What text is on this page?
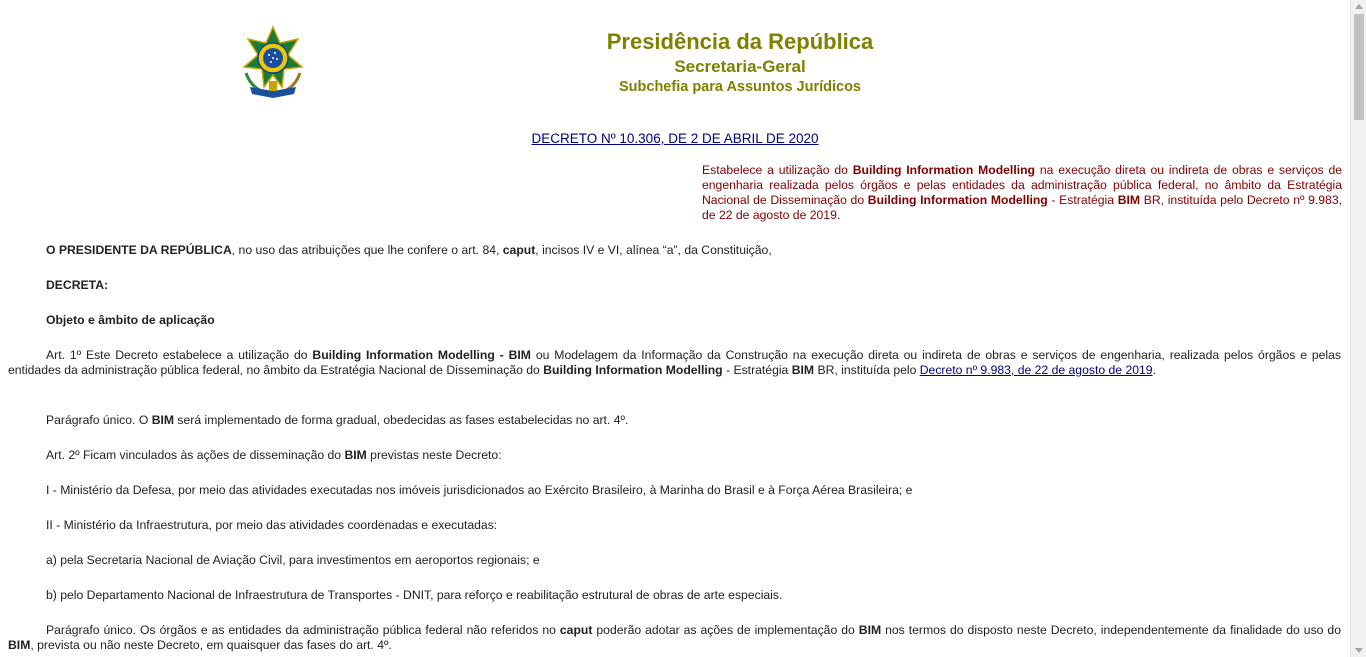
Presidência da República
Secretaria-Geral
Subchefia para Assuntos Jurídicos
DECRETO Nº 10.306, DE 2 DE ABRIL DE 2020
Estabelece a utilização do Building Information Modelling na execução direta ou indireta de obras e serviços de engenharia realizada pelos órgãos e pelas entidades da administração pública federal, no âmbito da Estratégia Nacional de Disseminação do Building Information Modelling - Estratégia BIM BR, instituída pelo Decreto nº 9.983, de 22 de agosto de 2019.
O PRESIDENTE DA REPÚBLICA, no uso das atribuições que lhe confere o art. 84, caput, incisos IV e VI, alínea “a”, da Constituição,
DECRETA:
Objeto e âmbito de aplicação
Art. 1º Este Decreto estabelece a utilização do Building Information Modelling - BIM ou Modelagem da Informação da Construção na execução direta ou indireta de obras e serviços de engenharia, realizada pelos órgãos e pelas entidades da administração pública federal, no âmbito da Estratégia Nacional de Disseminação do Building Information Modelling - Estratégia BIM BR, instituída pelo Decreto nº 9.983, de 22 de agosto de 2019.
Parágrafo único. O BIM será implementado de forma gradual, obedecidas as fases estabelecidas no art. 4º.
Art. 2º Ficam vinculados às ações de disseminação do BIM previstas neste Decreto:
I - Ministério da Defesa, por meio das atividades executadas nos imóveis jurisdicionados ao Exército Brasileiro, à Marinha do Brasil e à Força Aérea Brasileira; e
II - Ministério da Infraestrutura, por meio das atividades coordenadas e executadas:
a) pela Secretaria Nacional de Aviação Civil, para investimentos em aeroportos regionais; e
b) pelo Departamento Nacional de Infraestrutura de Transportes - DNIT, para reforço e reabilitação estrutural de obras de arte especiais.
Parágrafo único. Os órgãos e as entidades da administração pública federal não referidos no caput poderão adotar as ações de implementação do BIM nos termos do disposto neste Decreto, independentemente da finalidade do uso do BIM, prevista ou não neste Decreto, em quaisquer das fases do art. 4º.
